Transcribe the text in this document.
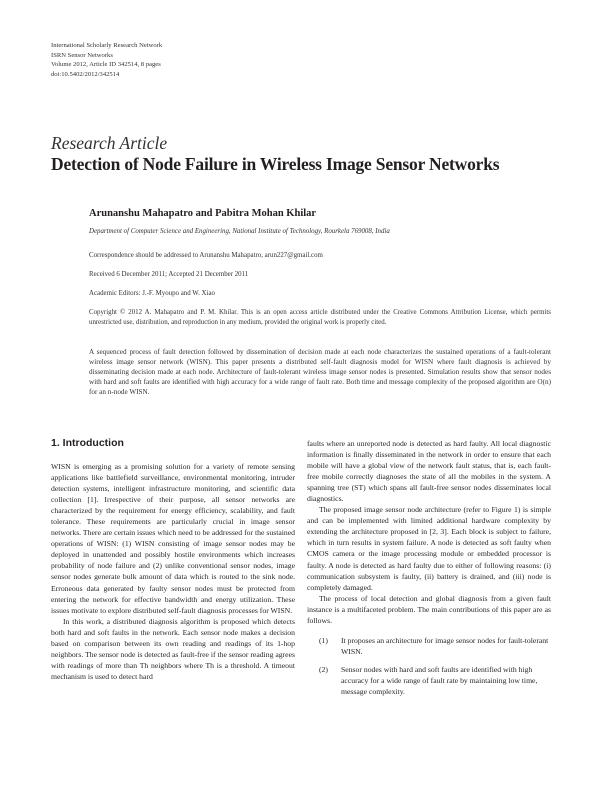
International Scholarly Research Network
ISRN Sensor Networks
Volume 2012, Article ID 342514, 8 pages
doi:10.5402/2012/342514
Research Article
Detection of Node Failure in Wireless Image Sensor Networks
Arunanshu Mahapatro and Pabitra Mohan Khilar
Department of Computer Science and Engineering, National Institute of Technology, Rourkela 769008, India
Correspondence should be addressed to Arunanshu Mahapatro, arun227@gmail.com
Received 6 December 2011; Accepted 21 December 2011
Academic Editors: J.-F. Myoupo and W. Xiao
Copyright © 2012 A. Mahapatro and P. M. Khilar. This is an open access article distributed under the Creative Commons Attribution License, which permits unrestricted use, distribution, and reproduction in any medium, provided the original work is properly cited.
A sequenced process of fault detection followed by dissemination of decision made at each node characterizes the sustained operations of a fault-tolerant wireless image sensor network (WISN). This paper presents a distributed self-fault diagnosis model for WISN where fault diagnosis is achieved by disseminating decision made at each node. Architecture of fault-tolerant wireless image sensor nodes is presented. Simulation results show that sensor nodes with hard and soft faults are identified with high accuracy for a wide range of fault rate. Both time and message complexity of the proposed algorithm are O(n) for an n-node WISN.
1. Introduction

WISN is emerging as a promising solution for a variety of remote sensing applications like battlefield surveillance, environmental monitoring, intruder detection systems, intelligent infrastructure monitoring, and scientific data collection [1]. Irrespective of their purpose, all sensor networks are characterized by the requirement for energy efficiency, scalability, and fault tolerance. These requirements are particularly crucial in image sensor networks. There are certain issues which need to be addressed for the sustained operations of WISN: (1) WISN consisting of image sensor nodes may be deployed in unattended and possibly hostile environments which increases probability of node failure and (2) unlike conventional sensor nodes, image sensor nodes generate bulk amount of data which is routed to the sink node. Erroneous data generated by faulty sensor nodes must be protected from entering the network for effective bandwidth and energy utilization. These issues motivate to explore distributed self-fault diagnosis processes for WISN.

In this work, a distributed diagnosis algorithm is proposed which detects both hard and soft faults in the network. Each sensor node makes a decision based on comparison between its own reading and readings of its 1-hop neighbors. The sensor node is detected as fault-free if the sensor reading agrees with readings of more than Th neighbors where Th is a threshold. A timeout mechanism is used to detect hard

faults where an unreported node is detected as hard faulty. All local diagnostic information is finally disseminated in the network in order to ensure that each mobile will have a global view of the network fault status, that is, each fault-free mobile correctly diagnoses the state of all the mobiles in the system. A spanning tree (ST) which spans all fault-free sensor nodes disseminates local diagnostics.

The proposed image sensor node architecture (refer to Figure 1) is simple and can be implemented with limited additional hardware complexity by extending the architecture proposed in [2, 3]. Each block is subject to failure, which in turn results in system failure. A node is detected as soft faulty when CMOS camera or the image processing module or embedded processor is faulty. A node is detected as hard faulty due to either of following reasons: (i) communication subsystem is faulty, (ii) battery is drained, and (iii) node is completely damaged.

The process of local detection and global diagnosis from a given fault instance is a multifaceted problem. The main contributions of this paper are as follows.

(1)	It proposes an architecture for image sensor nodes for fault-tolerant WISN.
(2)	Sensor nodes with hard and soft faults are identified with high accuracy for a wide range of fault rate by maintaining low time, message complexity.
